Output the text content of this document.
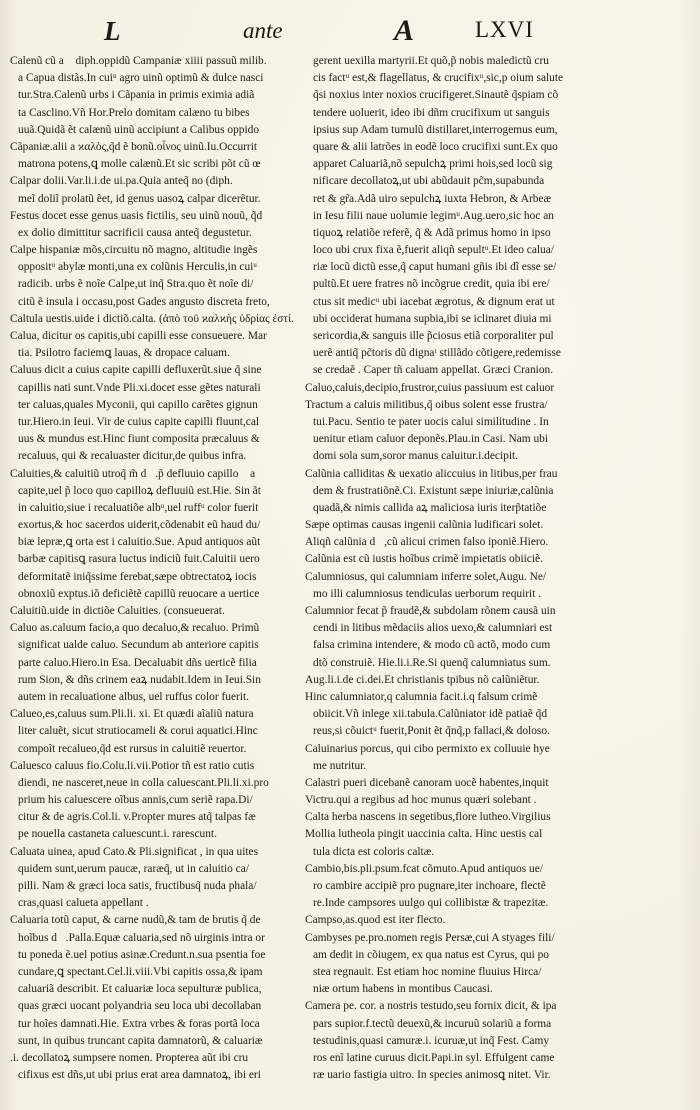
L	ante	A	LXVI
Calenũ cũ a᷑ diph.oppidũ Campaniæ xiiii passuũ milib.
a Capua distãs.In cuiᵘ agro uinũ optimũ & dulce nasci
tur.Stra.Calenũ urbs i Cãpania in primis eximia adiã
ta Casclino.Vñ Hor.Prelo domitam calæno tu bibes
uuã.Quidã ẽt calænũ uinũ accipiunt a Calibus oppido
Cãpaniæ.alii a ϰαλὸς,q̃d ẽ bonũ.οἶνος uinũ.Iu.Occurrit
matrona potens,ꝗ molle calænũ.Et sic scribi põt cũ œ
Calpar dolii.Var.li.i.de ui.pa.Quia anteq̃ no (diph.
meĩ doliĩ prolatũ ẽet, id genus uasoꝝ calpar dicerẽtur.
Festus docet esse genus uasis fictilis, seu uinũ nouũ, q̃d
ex dolio dimittitur sacrificii causa anteq̃ degustetur.
Calpe hispaniæ mõs,circuitu nõ magno, altitudie ingẽs
oppositᵘ abylæ monti,una ex colũnis Herculis,in cuiᵘ
radicib. urbs ẽ noĩe Calpe,ut inq̃ Stra.quo ẽt noĩe di/
citũ ẽ insula i occasu,post Gades angusto discreta freto,
Caltula uestis.uide i dictiõ.calta. (ἀπὸ τοῦ ϰαλϰὴς ὑδρίας ἐστί.
Calua, dicitur os capitis,ubi capilli esse consueuere. Mar
tia. Psilotro faciemꝗ lauas, & dropace caluam.
Caluus dicit a cuius capite capilli defluxerũt.siue q̃ sine
capillis nati sunt.Vnde Pli.xi.docet esse gẽtes naturali
ter caluas,quales Myconii, qui capillo carẽtes gignun
tur.Hiero.in Ieui. Vir de cuius capite capilli fluunt,cal
uus & mundus est.Hinc fiunt composita præcaluus &
recaluus, qui & recaluaster dicitur,de quibus infra.
Caluities,& caluitiũ utroq̃ m̃ d᷑.p̃ defluuio capilloꝝ a
capite,uel p̃ loco quo capilloꝝ defluuiũ est.Hie. Sin ãt
in caluitio,siue i recaluatiõe albᵘ,uel ruffᵘ color fuerit
exortus,& hoc sacerdos uiderit,cõdenabit eũ haud du/
biæ lepræ,ꝗ orta est i caluitio.Sue. Apud antiquos aũt
barbæ capitisꝗ rasura luctus indiciũ fuit.Caluitii uero
deformitatẽ iniq̃ssime ferebat,sæpe obtrectatoꝝ iocis
obnoxiũ exptus.iõ deficiẽtẽ capillũ reuocare a uertice
Caluitiũ.uide in dictiõe Caluities. (consueuerat.
Caluo as.caluum facio,a quo decaluo,& recaluo. Primũ
significat ualde caluo. Secundum ab anteriore capitis
parte caluo.Hiero.in Esa. Decaluabit dñs uerticẽ filia
rum Sion, & dñs crinem eaꝝ nudabit.Idem in Ieui.Sin
autem in recaluatione albus, uel ruffus color fuerit.
Calueo,es,caluus sum.Pli.li. xi. Et quædi aĩaliũ natura
liter caluẽt, sicut strutiocameli & corui aquatici.Hinc
compoĩt recalueo,q̃d est rursus in caluitiẽ reuertor.
Caluesco caluus fio.Colu.li.vii.Potior tñ est ratio cutis
diendi, ne nasceret,neue in colla caluescant.Pli.li.xi.pro
prium his caluescere oĩbus annis,cum seriẽ rapa.Di/
citur & de agris.Col.li. v.Propter mures atq̃ talpas fæ
pe nouella castaneta caluescunt.i. rarescunt.
Caluata uinea, apud Cato.& Pli.significat , in qua uites
quidem sunt,uerum paucæ, raræq̃, ut in caluitio ca/
pilli. Nam & græci loca satis, fructibusq̃ nuda phala/
cras,quasi calueta appellant .
Caluaria totũ caput, & carne nudũ,& tam de brutis q̃ de
hoĩbus d᷑.Palla.Equæ caluaria,sed nõ uirginis intra or
tu poneda ẽ.uel potius asinæ.Credunt.n.sua psentia foe
cundare,ꝗ spectant.Cel.li.viii.Vbi capitis ossa,& ipam
caluariã describit. Et caluariæ loca sepulturæ publica,
quas græci uocant polyandria seu loca ubi decollaban
tur hoĩes damnati.Hie. Extra vrbes & foras portã loca
sunt, in quibus truncant capita damnatorũ, & caluariæ
.i. decollatoꝝ sumpsere nomen. Propterea aũt ibi cru
cifixus est dñs,ut ubi prius erat area damnatoꝝ, ibi eri
gerent uexilla martyrii.Et quõ,p̃ nobis maledictũ cru
cis factᵘ est,& flagellatus, & crucifixᵘ,sic,p oium salute
q̃si noxius inter noxios crucifigeret.Sinautẽ q̃spiam cõ
tendere uoluerit, ideo ibi dñm crucifixum ut sanguis
ipsius sup Adam tumulũ distillaret,interrogemus eum,
quare & alii latrões in eodẽ loco crucifixi sunt.Ex quo
apparet Caluariã,nõ sepulchꝝ primi hois,sed locũ sig
nificare decollatoꝝ,ut ubi abũdauit pc̃m,supabunda
ret & gr̃a.Adã uiro sepulchꝝ iuxta Hebron, & Arbeæ
in Iesu filii naue uolumie legimᵘ.Aug.uero,sic hoc an
tiquoꝝ relatiõe referẽ, q̃ & Adã primus homo in ipso
loco ubi crux fixa ẽ,fuerit aliqñ sepultᵘ.Et ideo calua/
riæ locũ dictũ esse,q̃ caput humani gñis ibi dĩ esse se/
pultũ.Et uere fratres nõ incõgrue credit, quia ibi ere/
ctus sit medicᵘ ubi iacebat ægrotus, & dignum erat ut
ubi occiderat humana supbia,ibi se iclinaret diuia mi
sericordia,& sanguis ille p̃ciosus etiã corporaliter pul
uerẽ antiq̃ pc̃toris dũ dignaᵗ stillãdo cõtigere,redemisse
se credaẽ . Caper tñ caluam appellat. Græci Cranion.
Caluo,caluis,decipio,frustror,cuius passiuum est caluor
Tractum a caluis militibus,q̃ oibus solent esse frustra/
tui.Pacu. Sentio te pater uocis calui similitudine . In
uenitur etiam caluor deponẽs.Plau.in Casi. Nam ubi
domi sola sum,soror manus caluitur.i.decipit.
Calũnia calliditas & uexatio aliccuius in litibus,per frau
dem & frustratiõnẽ.Ci. Existunt sæpe iniuriæ,calũnia
quadã,& nimis callida aꝝ maliciosa iuris iterp̃tatiõe
Sæpe optimas causas ingenii calũnia ludificari solet.
Aliqñ calũnia d᷑,cũ alicui crimen falso iponiẽ.Hiero.
Calũnia est cũ iustis hoĩbus crimẽ impietatis obiiciẽ.
Calumniosus, qui calumniam inferre solet,Augu. Ne/
mo illi calumniosus tendiculas uerborum requirit .
Calumnior fecat p̃ fraudẽ,& subdolam rõnem causã uin
cendi in litibus mẽdaciis alios uexo,& calumniari est
falsa crimina intendere, & modo cũ actõ, modo cum
dtõ construiẽ. Hie.li.i.Re.Si quenq̃ calumniatus sum.
Aug.li.i.de ci.dei.Et christianis tpibus nõ calũniẽtur.
Hinc calumniator,q calumnia facit.i.q falsum crimẽ
obiicit.Vñ inlege xii.tabula.Calũniator idẽ patiaẽ q̃d
reus,si cõuictᵘ fuerit,Ponit ẽt q̃nq̃,p fallaci,& doloso.
Caluinarius porcus, qui cibo permixto ex colluuie hye
me nutritur.
Calastri pueri dicebanẽ canoram uocẽ habentes,inquit
Victru.qui a regibus ad hoc munus quæri solebant .
Calta herba nascens in segetibus,flore lutheo.Virgilius
Mollia lutheola pingit uaccinia calta. Hinc uestis cal
tula dicta est coloris caltæ.
Cambio,bis.pli.psum.fcat cõmuto.Apud antiquos ue/
ro cambire accipiẽ pro pugnare,iter inchoare, flectẽ
re.Inde campsores uulgo qui collibistæ & trapezitæ.
Campso,as.quod est iter flecto.
Cambyses pe.pro.nomen regis Persæ,cui A styages fili/
am dedit in cõiugem, ex qua natus est Cyrus, qui po
stea regnauit. Est etiam hoc nomine fluuius Hirca/
niæ ortum habens in montibus Caucasi.
Camera pe. cor. a nostris testudo,seu fornix dicit, & ipa
pars supior.f.tectũ deuexũ,& incuruũ solariũ a forma
testudinis,quasi camuræ.i. icuruæ,ut inq̃ Fest. Camy
ros enĩ latine curuus dicit.Papi.in syl. Effulgent came
ræ uario fastigia uitro. In species animosꝗ nitet. Vir.
